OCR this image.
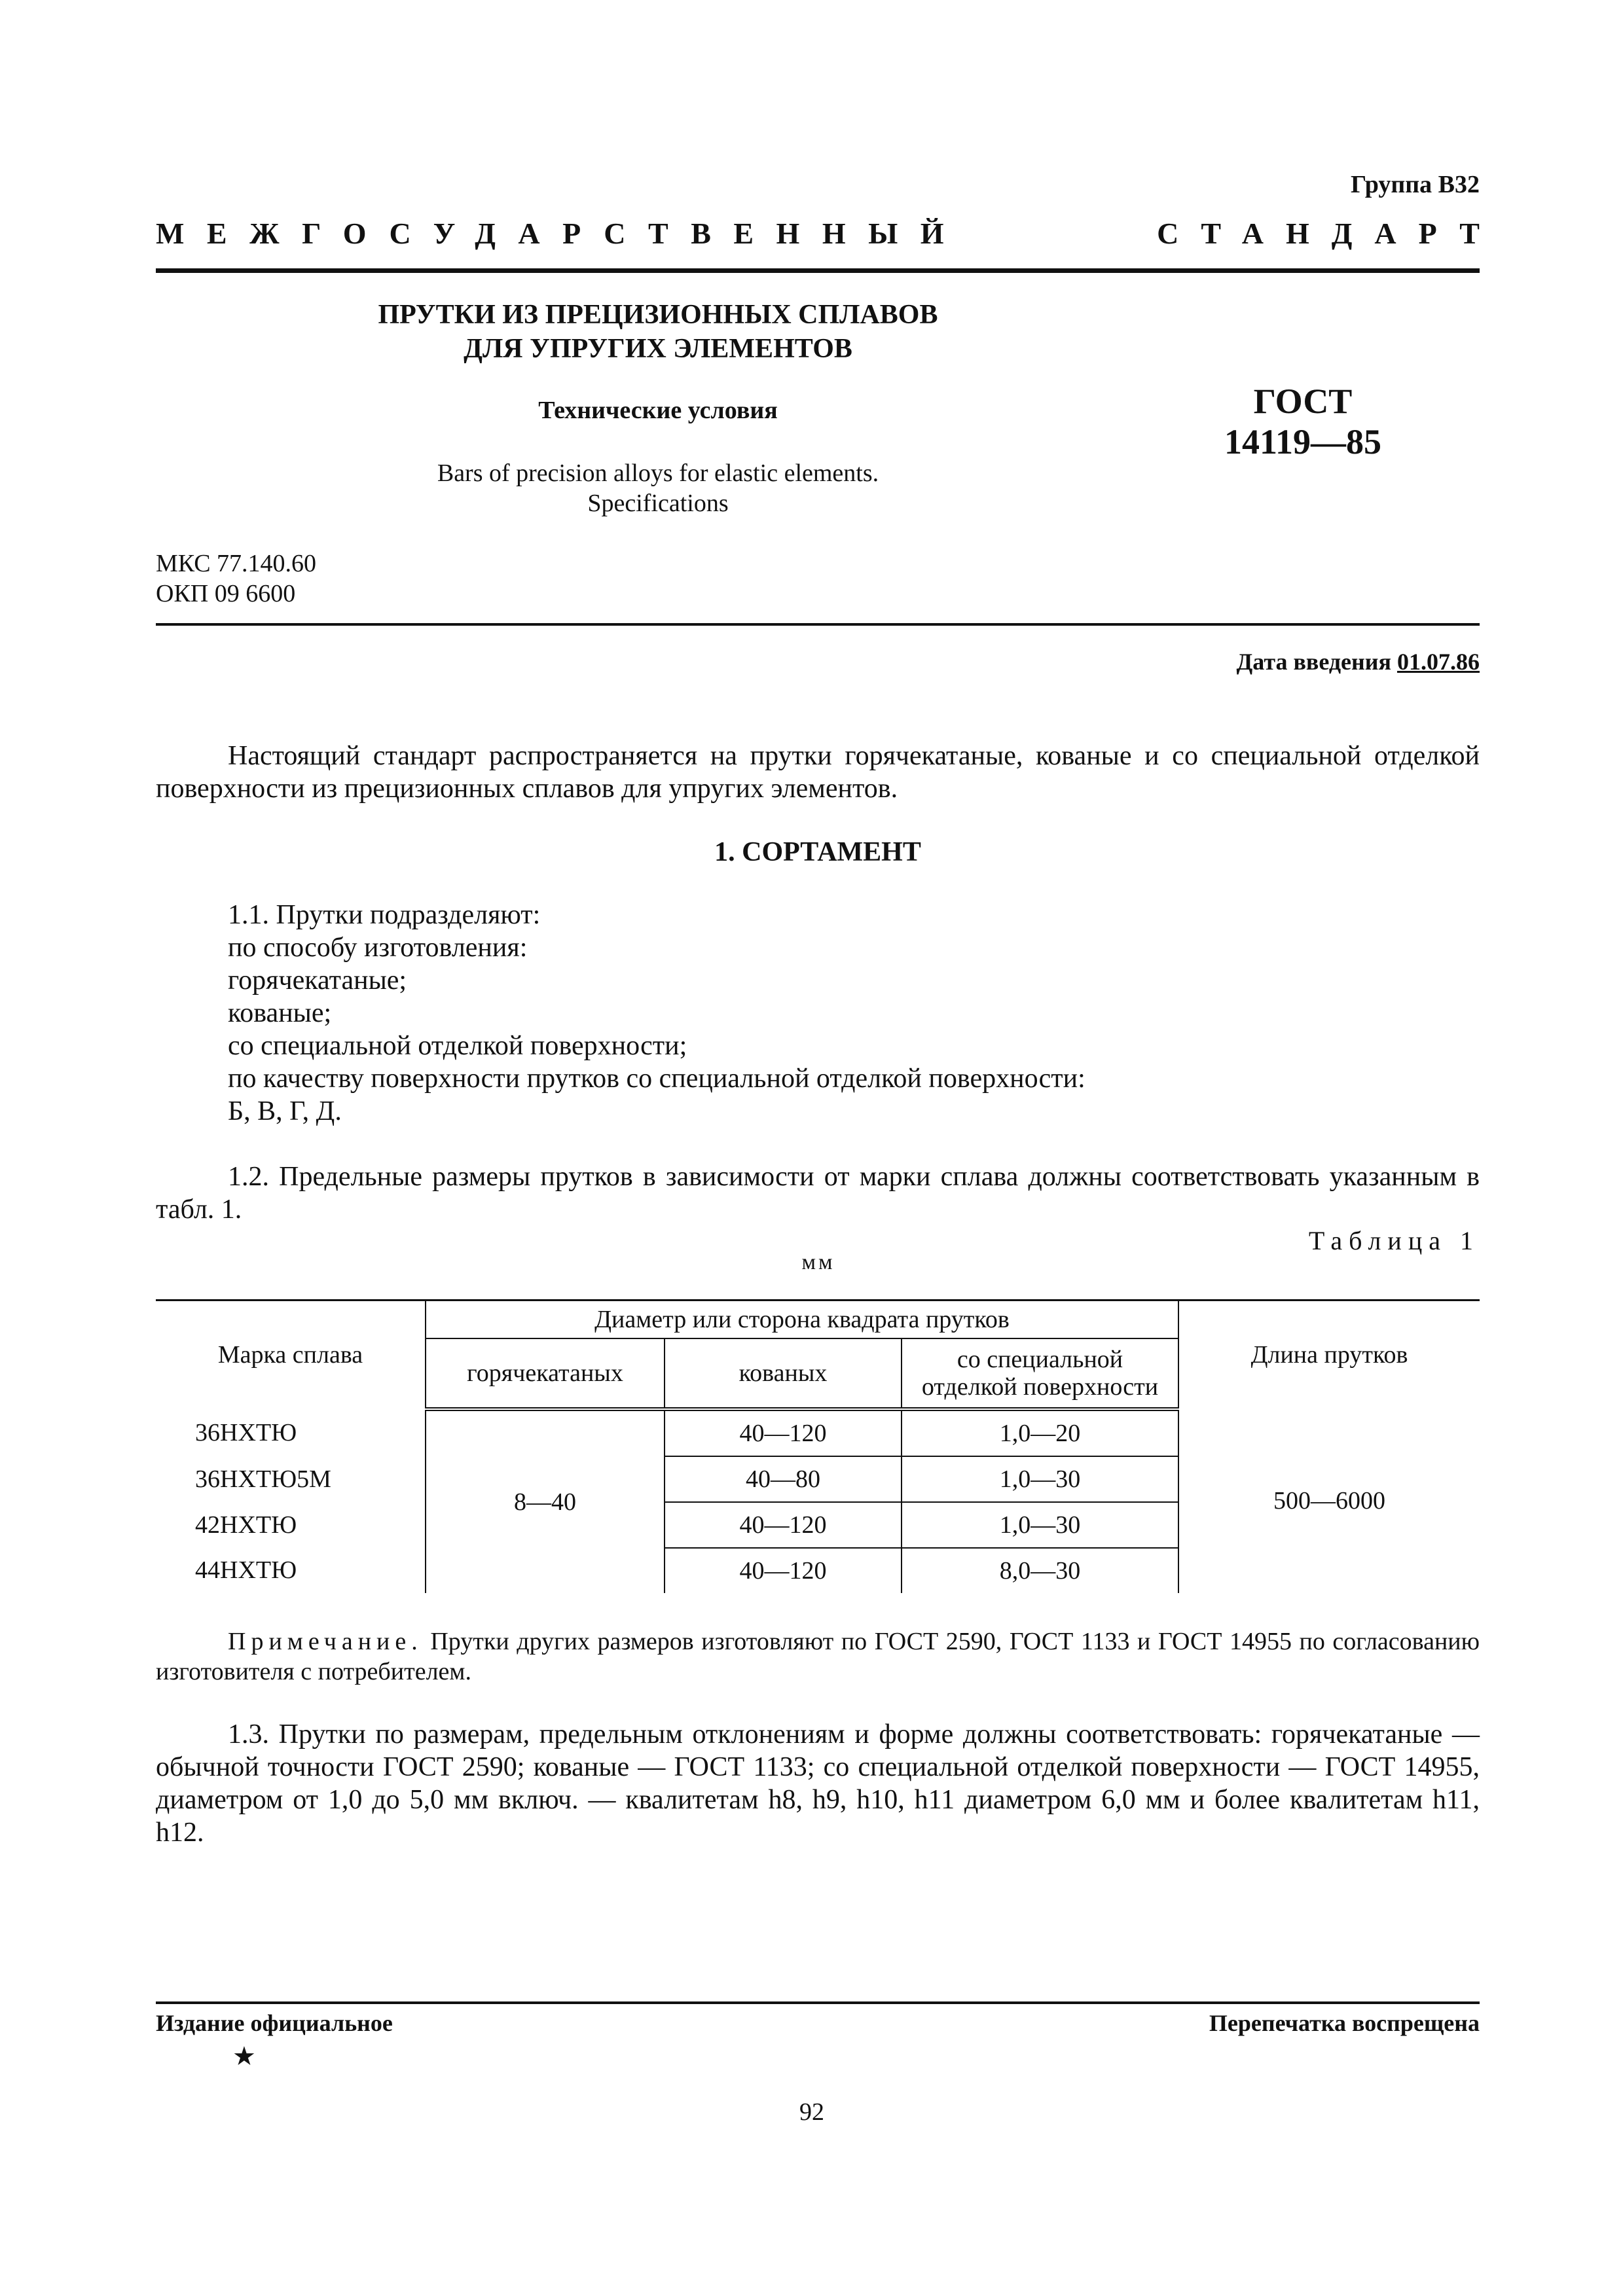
Группа В32
МЕЖГОСУДАРСТВЕННЫЙ	СТАНДАРТ
ПРУТКИ ИЗ ПРЕЦИЗИОННЫХ СПЛАВОВ
ДЛЯ УПРУГИХ ЭЛЕМЕНТОВ
Технические условия
Bars of precision alloys for elastic elements.
Specifications
ГОСТ
14119—85
МКС 77.140.60
ОКП 09 6600
Дата введения 01.07.86

Настоящий стандарт распространяется на прутки горячекатаные, кованые и со специальной отделкой поверхности из прецизионных сплавов для упругих элементов.

1. СОРТАМЕНТ
1.1. Прутки подразделяют:
по способу изготовления:
горячекатаные;
кованые;
со специальной отделкой поверхности;
по качеству поверхности прутков со специальной отделкой поверхности:
Б, В, Г, Д.

1.2. Предельные размеры прутков в зависимости от марки сплава должны соответствовать указанным в табл. 1.

Таблица 1
мм
Марка сплава	Диаметр или сторона квадрата прутков			Длина прутков
	горячекатаных	кованых	со специальной
отделкой поверхности	

36НХТЮ	8—40	40—120	1,0—20	500—6000
36НХТЮ5М		40—80	1,0—30	
42НХТЮ		40—120	1,0—30	
44НХТЮ		40—120	8,0—30	
Примечание. Прутки других размеров изготовляют по ГОСТ 2590, ГОСТ 1133 и ГОСТ 14955 по согласованию изготовителя с потребителем.

1.3. Прутки по размерам, предельным отклонениям и форме должны соответствовать: горячекатаные — обычной точности ГОСТ 2590; кованые — ГОСТ 1133; со специальной отделкой поверхности — ГОСТ 14955, диаметром от 1,0 до 5,0 мм включ. — квалитетам h8, h9, h10, h11 диаметром 6,0 мм и более квалитетам h11, h12.

Издание официальное	Перепечатка воспрещена
★
92
